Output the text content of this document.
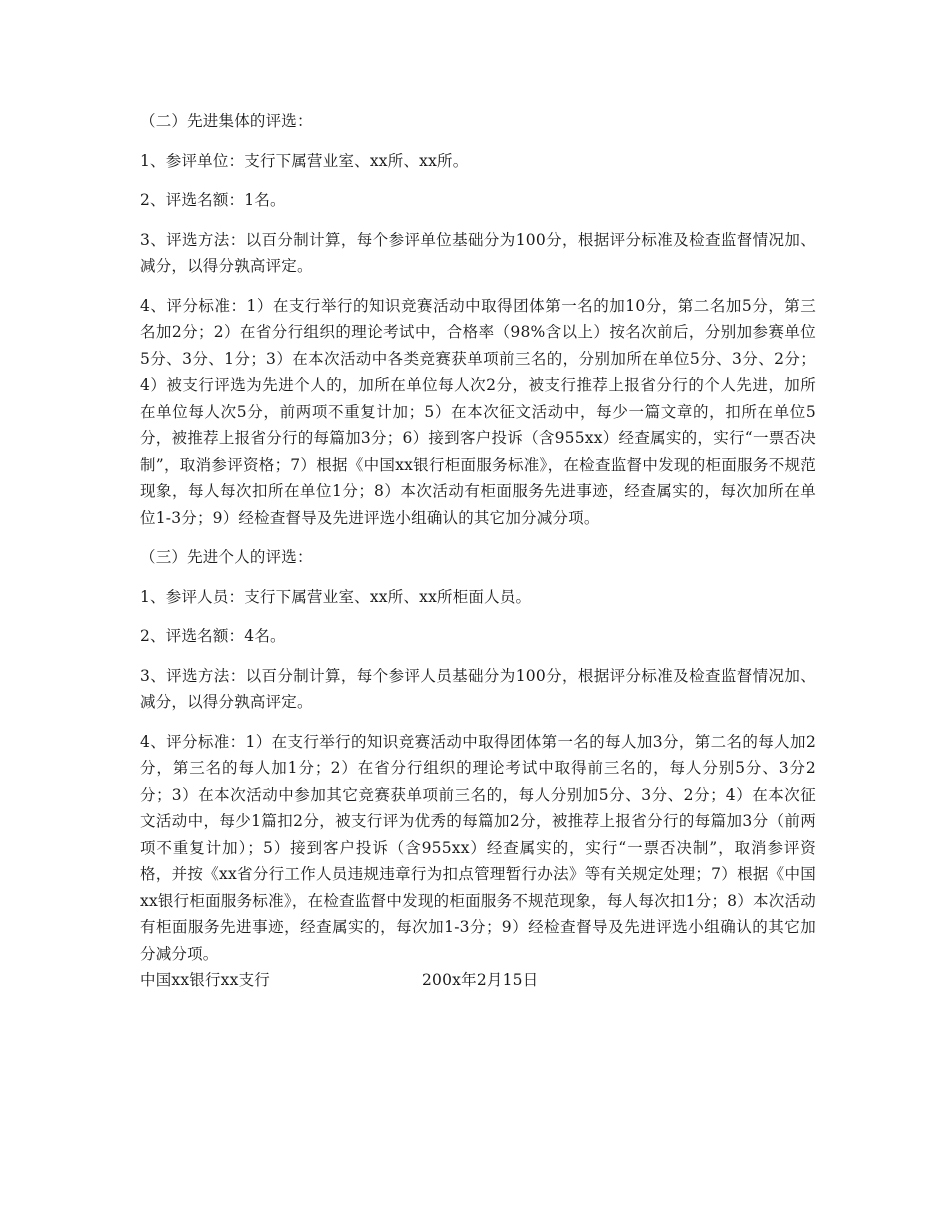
（二）先进集体的评选：

1、参评单位：支行下属营业室、xx所、xx所。

2、评选名额：1名。

3、评选方法：以百分制计算，每个参评单位基础分为100分，根据评分标准及检查监督情况加、减分，以得分孰高评定。

4、评分标准：1）在支行举行的知识竞赛活动中取得团体第一名的加10分，第二名加5分，第三名加2分；2）在省分行组织的理论考试中，合格率（98%含以上）按名次前后，分别加参赛单位5分、3分、1分；3）在本次活动中各类竞赛获单项前三名的，分别加所在单位5分、3分、2分；4）被支行评选为先进个人的，加所在单位每人次2分，被支行推荐上报省分行的个人先进，加所在单位每人次5分，前两项不重复计加；5）在本次征文活动中，每少一篇文章的，扣所在单位5分，被推荐上报省分行的每篇加3分；6）接到客户投诉（含955xx）经查属实的，实行“一票否决制”，取消参评资格；7）根据《中国xx银行柜面服务标准》，在检查监督中发现的柜面服务不规范现象，每人每次扣所在单位1分；8）本次活动有柜面服务先进事迹，经查属实的，每次加所在单位1-3分；9）经检查督导及先进评选小组确认的其它加分减分项。

（三）先进个人的评选：

1、参评人员：支行下属营业室、xx所、xx所柜面人员。

2、评选名额：4名。

3、评选方法：以百分制计算，每个参评人员基础分为100分，根据评分标准及检查监督情况加、减分，以得分孰高评定。

4、评分标准：1）在支行举行的知识竞赛活动中取得团体第一名的每人加3分，第二名的每人加2分，第三名的每人加1分；2）在省分行组织的理论考试中取得前三名的，每人分别5分、3分2分；3）在本次活动中参加其它竞赛获单项前三名的，每人分别加5分、3分、2分；4）在本次征文活动中，每少1篇扣2分，被支行评为优秀的每篇加2分，被推荐上报省分行的每篇加3分（前两项不重复计加）；5）接到客户投诉（含955xx）经查属实的，实行“一票否决制”，取消参评资格，并按《xx省分行工作人员违规违章行为扣点管理暂行办法》等有关规定处理；7）根据《中国xx银行柜面服务标准》，在检查监督中发现的柜面服务不规范现象，每人每次扣1分；8）本次活动有柜面服务先进事迹，经查属实的，每次加1-3分；9）经检查督导及先进评选小组确认的其它加分减分项。

中国xx银行xx支行	200x年2月15日
